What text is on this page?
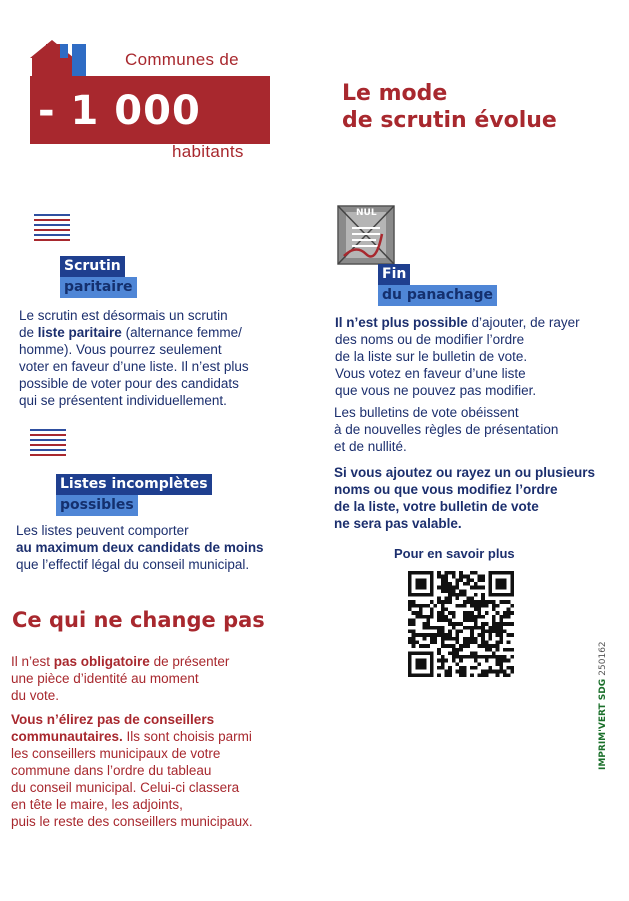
Communes de
- 1 000
habitants
Le mode
de scrutin évolue
Scrutin
paritaire
Le scrutin est désormais un scrutin
de liste paritaire (alternance femme/
homme). Vous pourrez seulement
voter en faveur d’une liste. Il n’est plus
possible de voter pour des candidats
qui se présentent individuellement.
Listes incomplètes
possibles
Les listes peuvent comporter
au maximum deux candidats de moins
que l’effectif légal du conseil municipal.
Ce qui ne change pas
Il n’est pas obligatoire de présenter
une pièce d’identité au moment
du vote.
Vous n’élirez pas de conseillers
communautaires. Ils sont choisis parmi
les conseillers municipaux de votre
commune dans l’ordre du tableau
du conseil municipal. Celui-ci classera
en tête le maire, les adjoints,
puis le reste des conseillers municipaux.
NUL
Fin
du panachage
Il n’est plus possible d’ajouter, de rayer
des noms ou de modifier l’ordre
de la liste sur le bulletin de vote.
Vous votez en faveur d’une liste
que vous ne pouvez pas modifier.
Les bulletins de vote obéissent
à de nouvelles règles de présentation
et de nullité.
Si vous ajoutez ou rayez un ou plusieurs
noms ou que vous modifiez l’ordre
de la liste, votre bulletin de vote
ne sera pas valable.
Pour en savoir plus
IMPRIM'VERT SDG 250162
